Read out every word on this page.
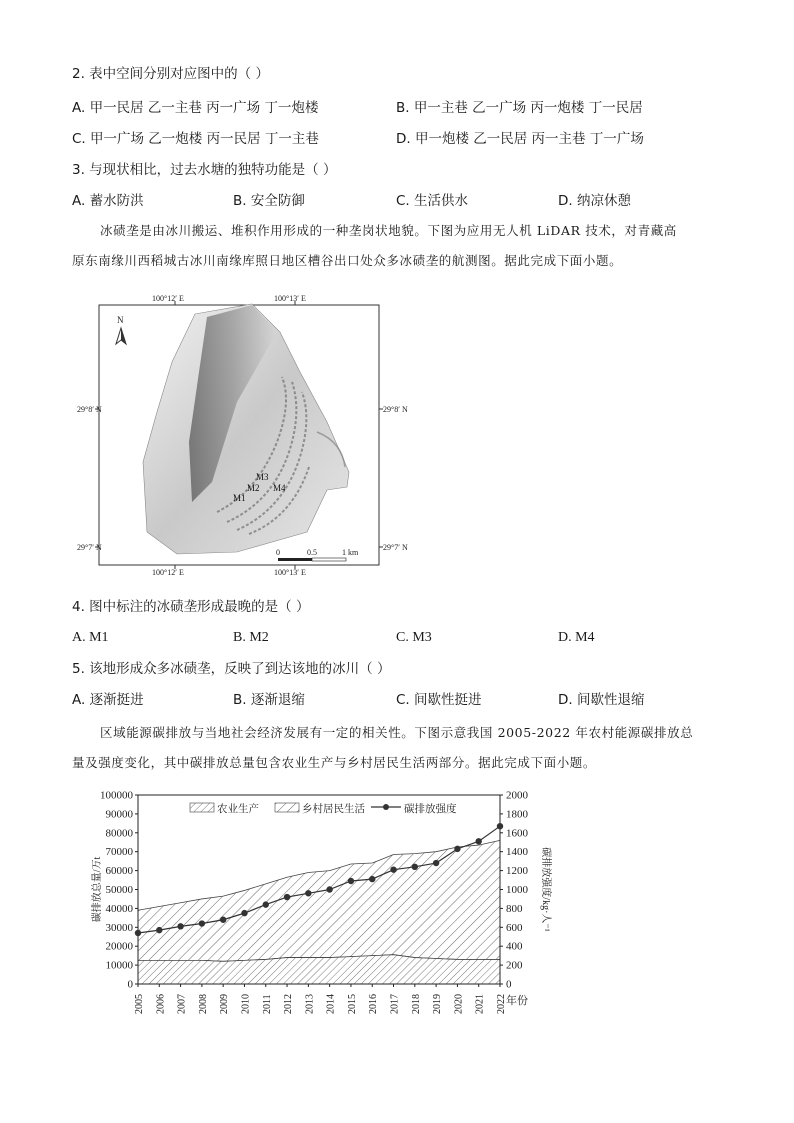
2. 表中空间分别对应图中的（ ）
A. 甲一民居 乙一主巷 丙一广场 丁一炮楼	B. 甲一主巷 乙一广场 丙一炮楼 丁一民居
C. 甲一广场 乙一炮楼 丙一民居 丁一主巷	D. 甲一炮楼 乙一民居 丙一主巷 丁一广场
3. 与现状相比，过去水塘的独特功能是（ ）
A. 蓄水防洪	B. 安全防御	C. 生活供水	D. 纳凉休憩
冰碛垄是由冰川搬运、堆积作用形成的一种垄岗状地貌。下图为应用无人机 LiDAR 技术，对青藏高
原东南缘川西稻城古冰川南缘库照日地区槽谷出口处众多冰碛垄的航测图。据此完成下面小题。
N
100°12′ E	100°13′ E
100°12′ E	100°13′ E
29°8′ N	29°8′ N
29°7′ N	29°7′ N
M1
M2
M3
M4
0	0.5	1 km
4. 图中标注的冰碛垄形成最晚的是（ ）
A. M1	B. M2	C. M3	D. M4
5. 该地形成众多冰碛垄，反映了到达该地的冰川（ ）
A. 逐渐挺进	B. 逐渐退缩	C. 间歇性挺进	D. 间歇性退缩
区域能源碳排放与当地社会经济发展有一定的相关性。下图示意我国 2005-2022 年农村能源碳排放总
量及强度变化，其中碳排放总量包含农业生产与乡村居民生活两部分。据此完成下面小题。
0
10000
20000
30000
40000
50000
60000
70000
80000
90000
100000
0
200
400
600
800
1000
1200
1400
1600
1800
2000
2005 2006 2007 2008 2009 2010 2011 2012 2013 2014 2015 2016 2017 2018 2019 2020 2021 2022 年份
碳排放总量/万t	碳排放强度/kg·人⁻¹
农业生产	乡村居民生活	碳排放强度
